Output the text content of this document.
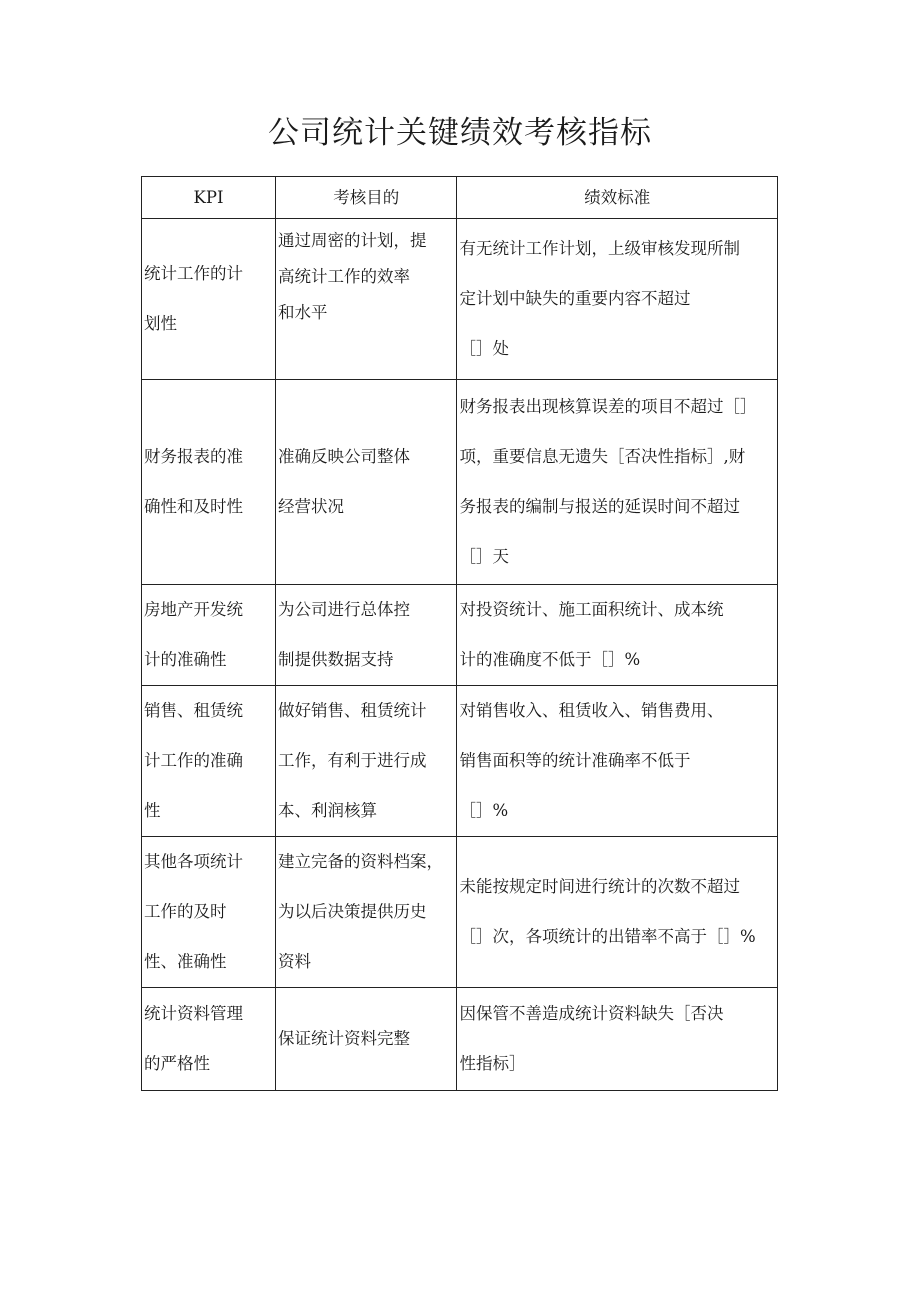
公司统计关键绩效考核指标
KPI	考核目的	绩效标准

统计工作的计
划性	通过周密的计划，提
高统计工作的效率
和水平	有无统计工作计划，上级审核发现所制
定计划中缺失的重要内容不超过
［］处

财务报表的准
确性和及时性	准确反映公司整体
经营状况	财务报表出现核算误差的项目不超过［］
项，重要信息无遗失［否决性指标］,财
务报表的编制与报送的延误时间不超过
［］天

房地产开发统
计的准确性	为公司进行总体控
制提供数据支持	对投资统计、施工面积统计、成本统
计的准确度不低于［］%

销售、租赁统
计工作的准确
性	做好销售、租赁统计
工作，有利于进行成
本、利润核算	对销售收入、租赁收入、销售费用、
销售面积等的统计准确率不低于
［］%

其他各项统计
工作的及时
性、准确性	建立完备的资料档案，
为以后决策提供历史
资料	未能按规定时间进行统计的次数不超过
［］次，各项统计的出错率不高于［］%

统计资料管理
的严格性	保证统计资料完整	因保管不善造成统计资料缺失［否决
性指标］
